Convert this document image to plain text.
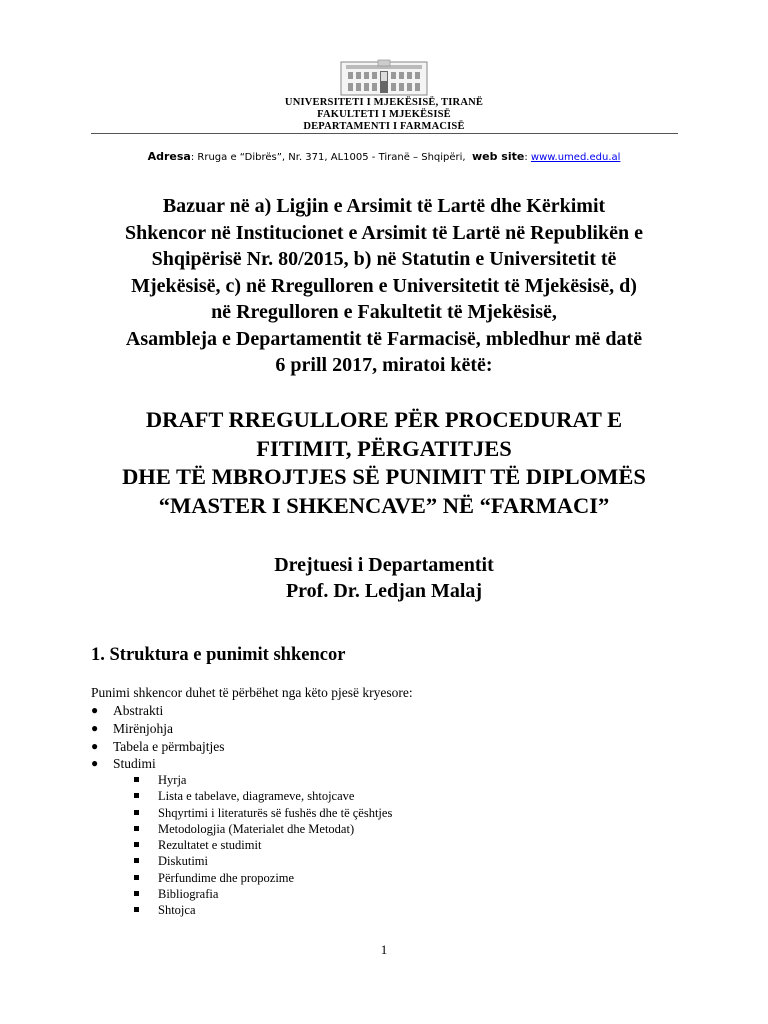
UNIVERSITETI I MJEKËSISË, TIRANË
FAKULTETI I MJEKËSISË
DEPARTAMENTI I FARMACISË
Adresa: Rruga e “Dibrës”, Nr. 371, AL1005 - Tiranë – Shqipëri, web site: www.umed.edu.al
Bazuar në a) Ligjin e Arsimit të Lartë dhe Kërkimit
Shkencor në Institucionet e Arsimit të Lartë në Republikën e
Shqipërisë Nr. 80/2015, b) në Statutin e Universitetit të
Mjekësisë, c) në Rregulloren e Universitetit të Mjekësisë, d)
në Rregulloren e Fakultetit të Mjekësisë,
Asambleja e Departamentit të Farmacisë, mbledhur më datë
6 prill 2017, miratoi këtë:
DRAFT RREGULLORE PËR PROCEDURAT E
FITIMIT, PËRGATITJES
DHE TË MBROJTJES SË PUNIMIT TË DIPLOMËS
“MASTER I SHKENCAVE” NË “FARMACI”
Drejtuesi i Departamentit
Prof. Dr. Ledjan Malaj
1. Struktura e punimit shkencor
Punimi shkencor duhet të përbëhet nga këto pjesë kryesore:
● Abstrakti
● Mirënjohja
● Tabela e përmbajtjes
● Studimi
Hyrja
Lista e tabelave, diagrameve, shtojcave
Shqyrtimi i literaturës së fushës dhe të çështjes
Metodologjia (Materialet dhe Metodat)
Rezultatet e studimit
Diskutimi
Përfundime dhe propozime
Bibliografia
Shtojca
1
